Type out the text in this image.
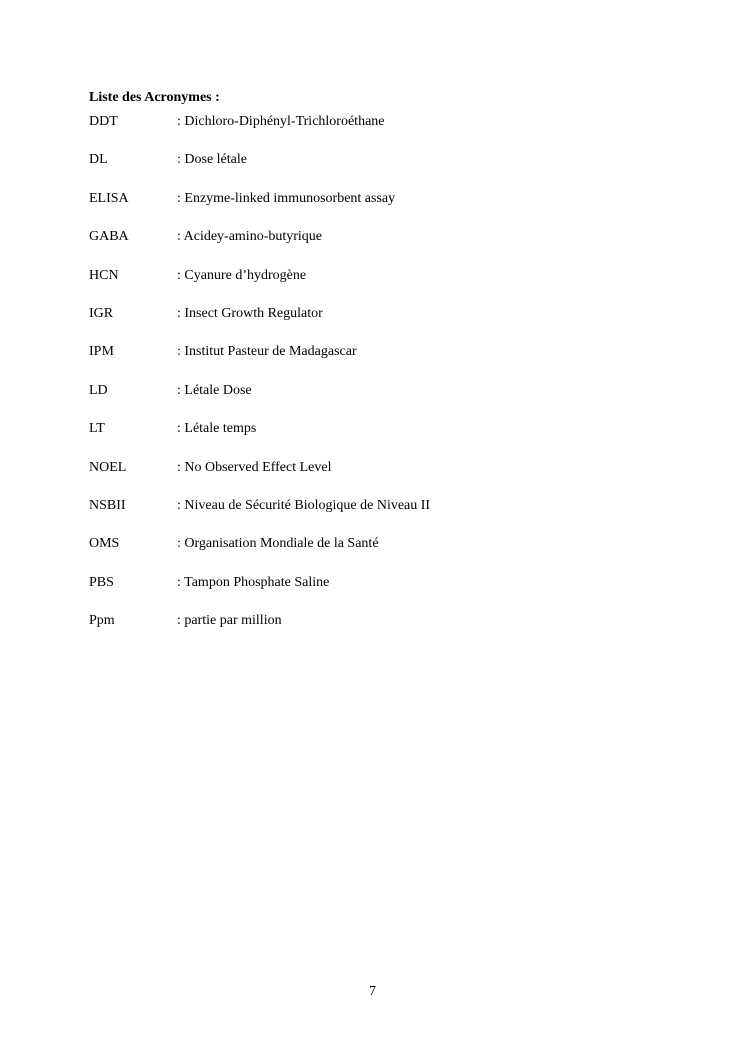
Liste des Acronymes :
DDT	: Dichloro-Diphényl-Trichloroéthane
DL	: Dose létale
ELISA	: Enzyme-linked immunosorbent assay
GABA	: Acidey-amino-butyrique
HCN	: Cyanure d’hydrogène
IGR	: Insect Growth Regulator
IPM	: Institut Pasteur de Madagascar
LD	: Létale Dose
LT	: Létale temps
NOEL	: No Observed Effect Level
NSBII	: Niveau de Sécurité Biologique de Niveau II
OMS	: Organisation Mondiale de la Santé
PBS	: Tampon Phosphate Saline
Ppm	: partie par million
7
